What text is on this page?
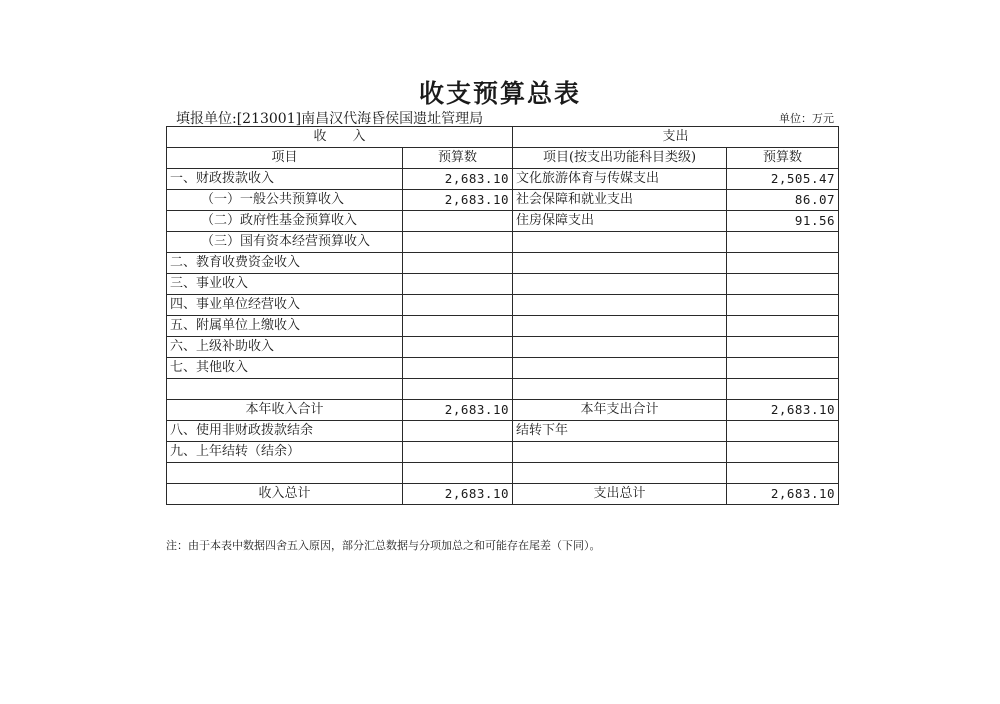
收支预算总表
填报单位:[213001]南昌汉代海昏侯国遗址管理局	单位：万元
收　　入		支出	
项目	预算数	项目(按支出功能科目类级)	预算数
一、财政拨款收入	2,683.10	文化旅游体育与传媒支出	2,505.47
（一）一般公共预算收入	2,683.10	社会保障和就业支出	86.07
（二）政府性基金预算收入		住房保障支出	91.56
（三）国有资本经营预算收入			
二、教育收费资金收入			
三、事业收入			
四、事业单位经营收入			
五、附属单位上缴收入			
六、上级补助收入			
七、其他收入			

本年收入合计	2,683.10	本年支出合计	2,683.10
八、使用非财政拨款结余		结转下年	
九、上年结转（结余）			

收入总计	2,683.10	支出总计	2,683.10
注：由于本表中数据四舍五入原因，部分汇总数据与分项加总之和可能存在尾差（下同）。
